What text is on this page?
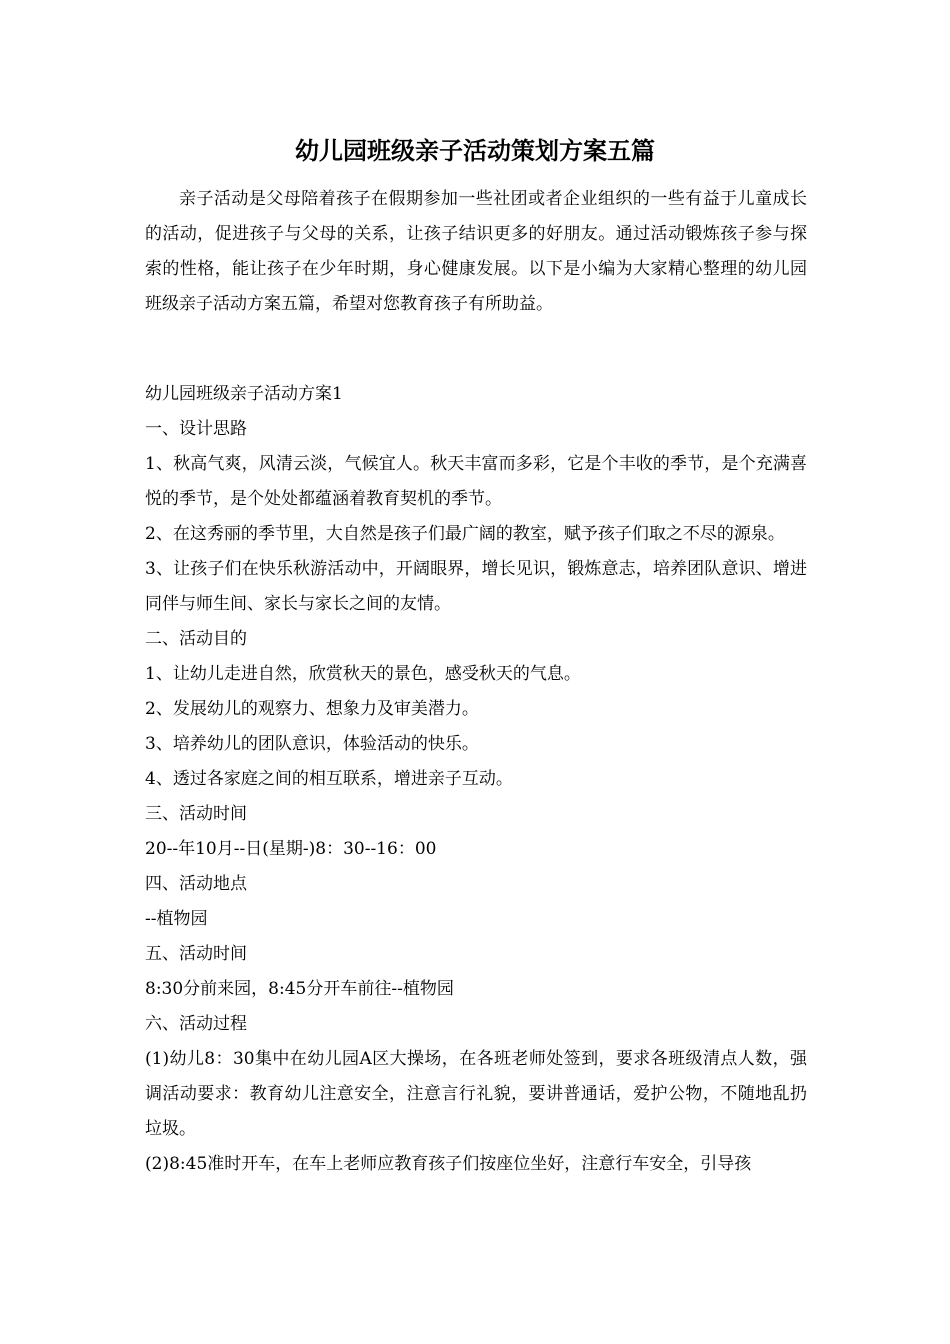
幼儿园班级亲子活动策划方案五篇

亲子活动是父母陪着孩子在假期参加一些社团或者企业组织的一些有益于儿童成长的活动，促进孩子与父母的关系，让孩子结识更多的好朋友。通过活动锻炼孩子参与探索的性格，能让孩子在少年时期，身心健康发展。以下是小编为大家精心整理的幼儿园班级亲子活动方案五篇，希望对您教育孩子有所助益。

幼儿园班级亲子活动方案1

一、设计思路

1、秋高气爽，风清云淡，气候宜人。秋天丰富而多彩，它是个丰收的季节，是个充满喜悦的季节，是个处处都蕴涵着教育契机的季节。

2、在这秀丽的季节里，大自然是孩子们最广阔的教室，赋予孩子们取之不尽的源泉。

3、让孩子们在快乐秋游活动中，开阔眼界，增长见识，锻炼意志，培养团队意识、增进同伴与师生间、家长与家长之间的友情。

二、活动目的

1、让幼儿走进自然，欣赏秋天的景色，感受秋天的气息。

2、发展幼儿的观察力、想象力及审美潜力。

3、培养幼儿的团队意识，体验活动的快乐。

4、透过各家庭之间的相互联系，增进亲子互动。

三、活动时间

20--年10月--日(星期-)8：30--16：00

四、活动地点

--植物园

五、活动时间

8:30分前来园，8:45分开车前往--植物园

六、活动过程

(1)幼儿8：30集中在幼儿园A区大操场，在各班老师处签到，要求各班级清点人数，强调活动要求：教育幼儿注意安全，注意言行礼貌，要讲普通话，爱护公物，不随地乱扔垃圾。

(2)8:45准时开车，在车上老师应教育孩子们按座位坐好，注意行车安全，引导孩
